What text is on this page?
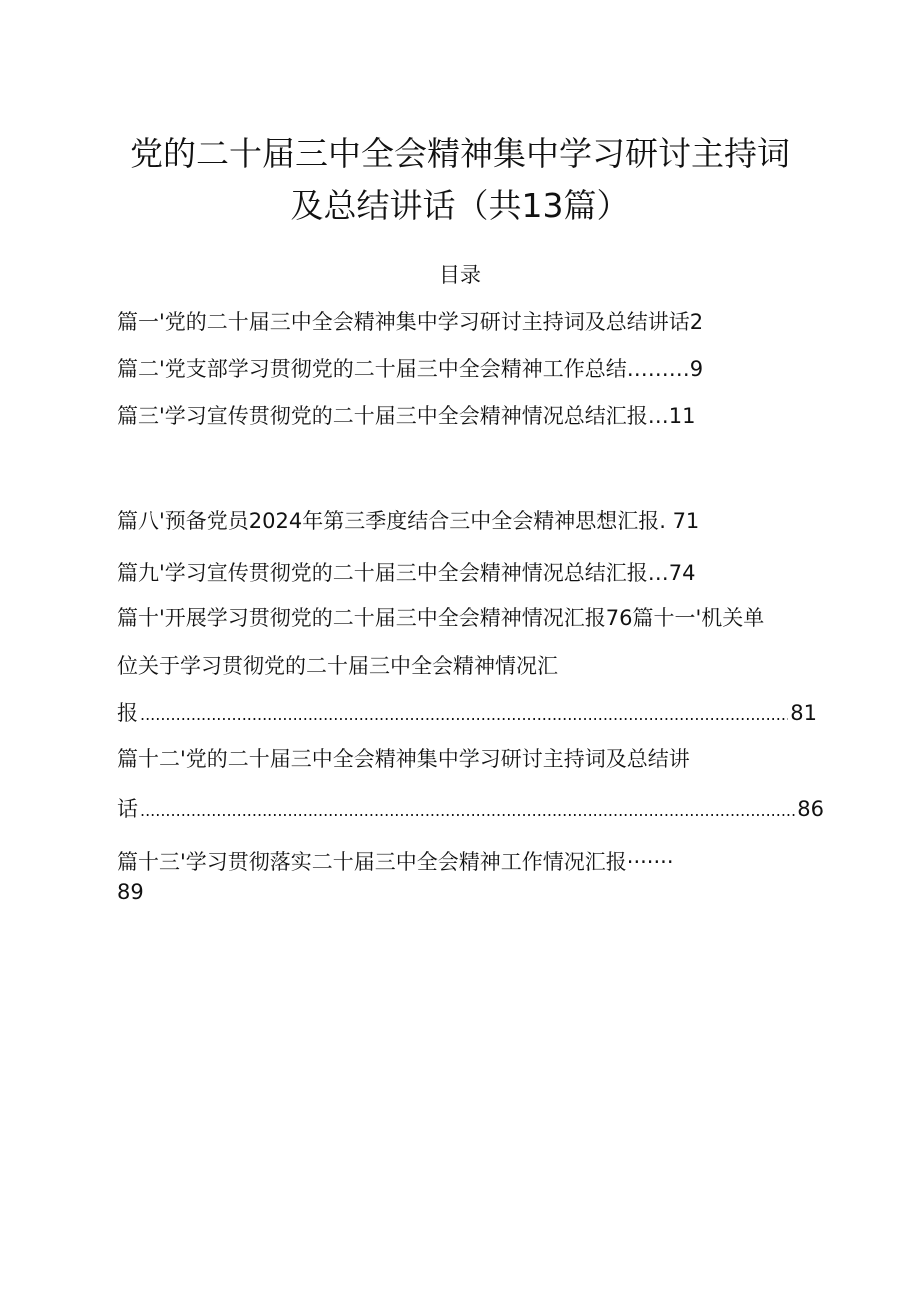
党的二十届三中全会精神集中学习研讨主持词
及总结讲话（共13篇）
目录
篇一'党的二十届三中全会精神集中学习研讨主持词及总结讲话2
篇二'党支部学习贯彻党的二十届三中全会精神工作总结………9
篇三'学习宣传贯彻党的二十届三中全会精神情况总结汇报…11
篇八'预备党员2024年第三季度结合三中全会精神思想汇报. 71
篇九'学习宣传贯彻党的二十届三中全会精神情况总结汇报…74
篇十'开展学习贯彻党的二十届三中全会精神情况汇报76篇十一'机关单
位关于学习贯彻党的二十届三中全会精神情况汇
报 .....	81
篇十二'党的二十届三中全会精神集中学习研讨主持词及总结讲
话 .....	86
篇十三'学习贯彻落实二十届三中全会精神工作情况汇报·······
89
